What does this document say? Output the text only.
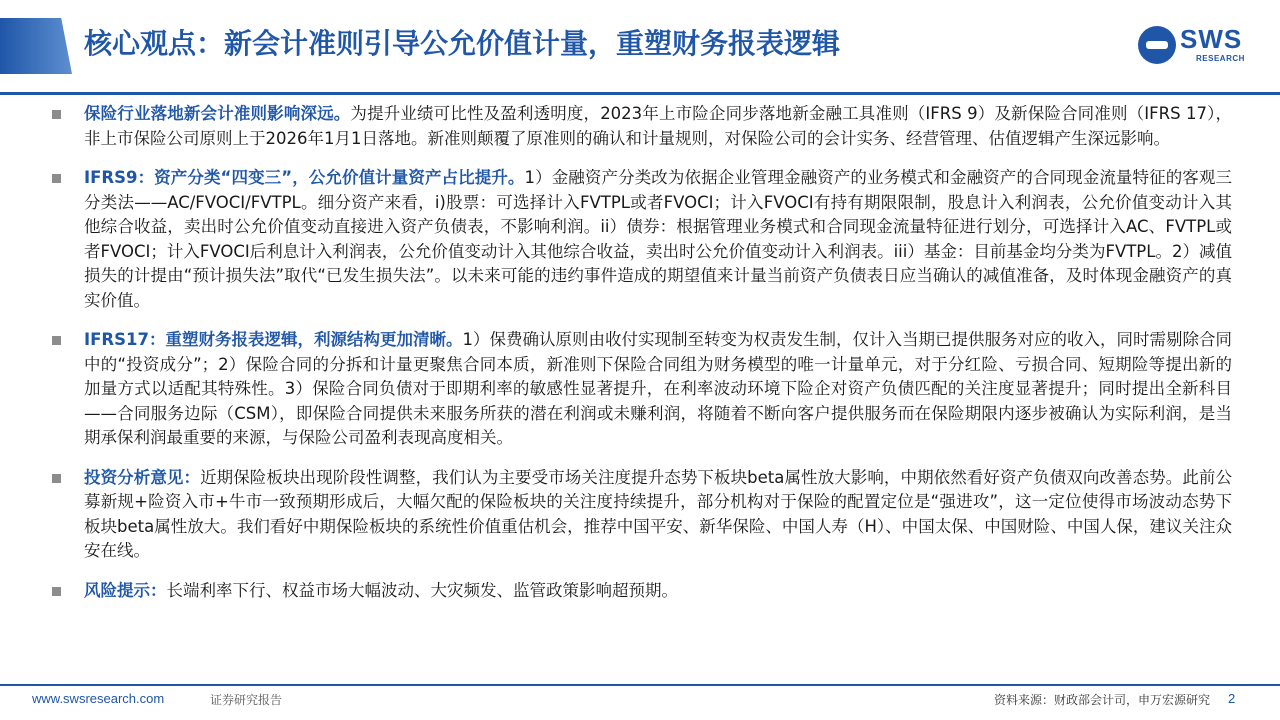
核心观点：新会计准则引导公允价值计量，重塑财务报表逻辑	SWS
RESEARCH
保险行业落地新会计准则影响深远。为提升业绩可比性及盈利透明度，2023年上市险企同步落地新金融工具准则（IFRS 9）及新保险合同准则（IFRS 17），非上市保险公司原则上于2026年1月1日落地。新准则颠覆了原准则的确认和计量规则，对保险公司的会计实务、经营管理、估值逻辑产生深远影响。
IFRS9：资产分类“四变三”，公允价值计量资产占比提升。1）金融资产分类改为依据企业管理金融资产的业务模式和金融资产的合同现金流量特征的客观三分类法——AC/FVOCI/FVTPL。细分资产来看，i)股票：可选择计入FVTPL或者FVOCI；计入FVOCI有持有期限限制，股息计入利润表，公允价值变动计入其他综合收益，卖出时公允价值变动直接进入资产负债表，不影响利润。ii）债券：根据管理业务模式和合同现金流量特征进行划分，可选择计入AC、FVTPL或者FVOCI；计入FVOCI后利息计入利润表，公允价值变动计入其他综合收益，卖出时公允价值变动计入利润表。iii）基金：目前基金均分类为FVTPL。2）减值损失的计提由“预计损失法”取代“已发生损失法”。以未来可能的违约事件造成的期望值来计量当前资产负债表日应当确认的减值准备，及时体现金融资产的真实价值。
IFRS17：重塑财务报表逻辑，利源结构更加清晰。1）保费确认原则由收付实现制至转变为权责发生制，仅计入当期已提供服务对应的收入，同时需剔除合同中的“投资成分”；2）保险合同的分拆和计量更聚焦合同本质，新准则下保险合同组为财务模型的唯一计量单元，对于分红险、亏损合同、短期险等提出新的加量方式以适配其特殊性。3）保险合同负债对于即期利率的敏感性显著提升，在利率波动环境下险企对资产负债匹配的关注度显著提升；同时提出全新科目——合同服务边际（CSM），即保险合同提供未来服务所获的潜在利润或未赚利润，将随着不断向客户提供服务而在保险期限内逐步被确认为实际利润，是当期承保利润最重要的来源，与保险公司盈利表现高度相关。
投资分析意见：近期保险板块出现阶段性调整，我们认为主要受市场关注度提升态势下板块beta属性放大影响，中期依然看好资产负债双向改善态势。此前公募新规+险资入市+牛市一致预期形成后，大幅欠配的保险板块的关注度持续提升，部分机构对于保险的配置定位是“强进攻”，这一定位使得市场波动态势下板块beta属性放大。我们看好中期保险板块的系统性价值重估机会，推荐中国平安、新华保险、中国人寿（H）、中国太保、中国财险、中国人保，建议关注众安在线。
风险提示：长端利率下行、权益市场大幅波动、大灾频发、监管政策影响超预期。
www.swsresearch.com	证券研究报告	资料来源：财政部会计司，申万宏源研究 2
